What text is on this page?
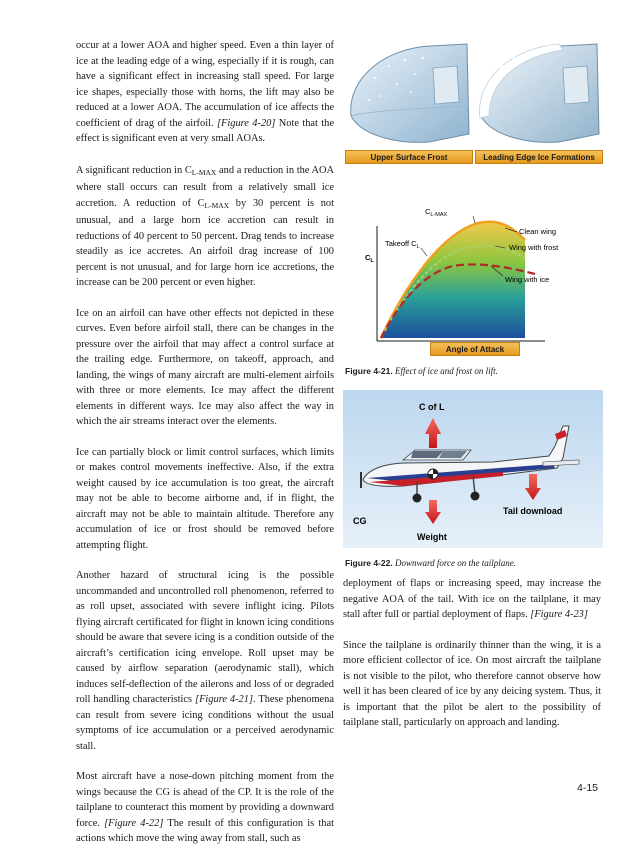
occur at a lower AOA and higher speed. Even a thin layer of ice at the leading edge of a wing, especially if it is rough, can have a significant effect in increasing stall speed. For large ice shapes, especially those with horns, the lift may also be reduced at a lower AOA. The accumulation of ice affects the coefficient of drag of the airfoil. [Figure 4-20] Note that the effect is significant even at very small AOAs.

A significant reduction in $C_{L-MAX}$ and a reduction in the AOA where stall occurs can result from a relatively small ice accretion. A reduction of $C_{L-MAX}$ by 30 percent is not unusual, and a large horn ice accretion can result in reductions of 40 percent to 50 percent. Drag tends to increase steadily as ice accretes. An airfoil drag increase of 100 percent is not unusual, and for large horn ice accretions, the increase can be 200 percent or even higher.

Ice on an airfoil can have other effects not depicted in these curves. Even before airfoil stall, there can be changes in the pressure over the airfoil that may affect a control surface at the trailing edge. Furthermore, on takeoff, approach, and landing, the wings of many aircraft are multi-element airfoils with three or more elements. Ice may affect the different elements in different ways. Ice may also affect the way in which the air streams interact over the elements.

Ice can partially block or limit control surfaces, which limits or makes control movements ineffective. Also, if the extra weight caused by ice accumulation is too great, the aircraft may not be able to become airborne and, if in flight, the aircraft may not be able to maintain altitude. Therefore any accumulation of ice or frost should be removed before attempting flight.

Another hazard of structural icing is the possible uncommanded and uncontrolled roll phenomenon, referred to as roll upset, associated with severe inflight icing. Pilots flying aircraft certificated for flight in known icing conditions should be aware that severe icing is a condition outside of the aircraft’s certification icing envelope. Roll upset may be caused by airflow separation (aerodynamic stall), which induces self-deflection of the ailerons and loss of or degraded roll handling characteristics [Figure 4-21]. These phenomena can result from severe icing conditions without the usual symptoms of ice accumulation or a perceived aerodynamic stall.

Most aircraft have a nose-down pitching moment from the wings because the CG is ahead of the CP. It is the role of the tailplane to counteract this moment by providing a downward force. [Figure 4-22] The result of this configuration is that actions which move the wing away from stall, such as

Upper Surface Frost	Leading Edge Ice Formations
$C_{L-MAX}$
Takeoff $C_L$
$C_L$
Clean wing
Wing with frost
Wing with ice
Angle of Attack
Figure 4-21. Effect of ice and frost on lift.
C of L
Tail download
CG
Weight
Figure 4-22. Downward force on the tailplane.

deployment of flaps or increasing speed, may increase the negative AOA of the tail. With ice on the tailplane, it may stall after full or partial deployment of flaps. [Figure 4-23]

Since the tailplane is ordinarily thinner than the wing, it is a more efficient collector of ice. On most aircraft the tailplane is not visible to the pilot, who therefore cannot observe how well it has been cleared of ice by any deicing system. Thus, it is important that the pilot be alert to the possibility of tailplane stall, particularly on approach and landing.

4-15
